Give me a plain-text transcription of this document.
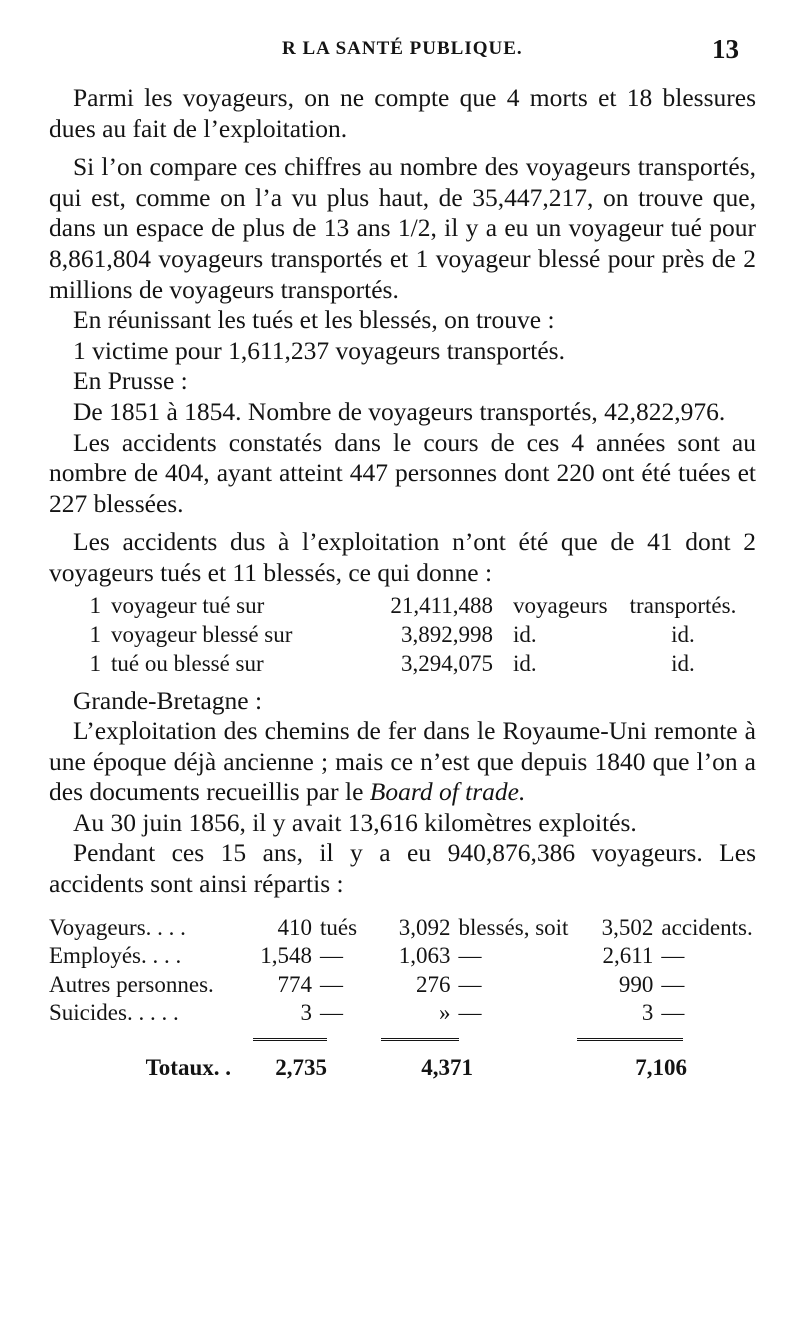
R LA SANTÉ PUBLIQUE.	13

Parmi les voyageurs, on ne compte que 4 morts et 18 blessures dues au fait de l’exploitation.

Si l’on compare ces chiffres au nombre des voyageurs transportés, qui est, comme on l’a vu plus haut, de 35,447,217, on trouve que, dans un espace de plus de 13 ans 1/2, il y a eu un voyageur tué pour 8,861,804 voyageurs transportés et 1 voyageur blessé pour près de 2 millions de voyageurs transportés.

En réunissant les tués et les blessés, on trouve :

1 victime pour 1,611,237 voyageurs transportés.

En Prusse :

De 1851 à 1854. Nombre de voyageurs transportés, 42,822,976.

Les accidents constatés dans le cours de ces 4 années sont au nombre de 404, ayant atteint 447 personnes dont 220 ont été tuées et 227 blessées.

Les accidents dus à l’exploitation n’ont été que de 41 dont 2 voyageurs tués et 11 blessés, ce qui donne :

1 voyageur tué sur	21,411,488 voyageurs transportés.
1 voyageur blessé sur	3,892,998 id.	id.
1 tué ou blessé sur	3,294,075 id.	id.

Grande-Bretagne :

L’exploitation des chemins de fer dans le Royaume-Uni remonte à une époque déjà ancienne ; mais ce n’est que depuis 1840 que l’on a des documents recueillis par le Board of trade.

Au 30 juin 1856, il y avait 13,616 kilomètres exploités.

Pendant ces 15 ans, il y a eu 940,876,386 voyageurs. Les accidents sont ainsi répartis :

Voyageurs. . . .	410 tués	3,092 blessés, soit	3,502 accidents.
Employés. . . .	1,548 —	1,063 —	2,611 —
Autres personnes.	774 —	276 —	990 —
Suicides. . . . .	3 —	» —	3 —
Totaux. .	2,735	4,371	7,106
